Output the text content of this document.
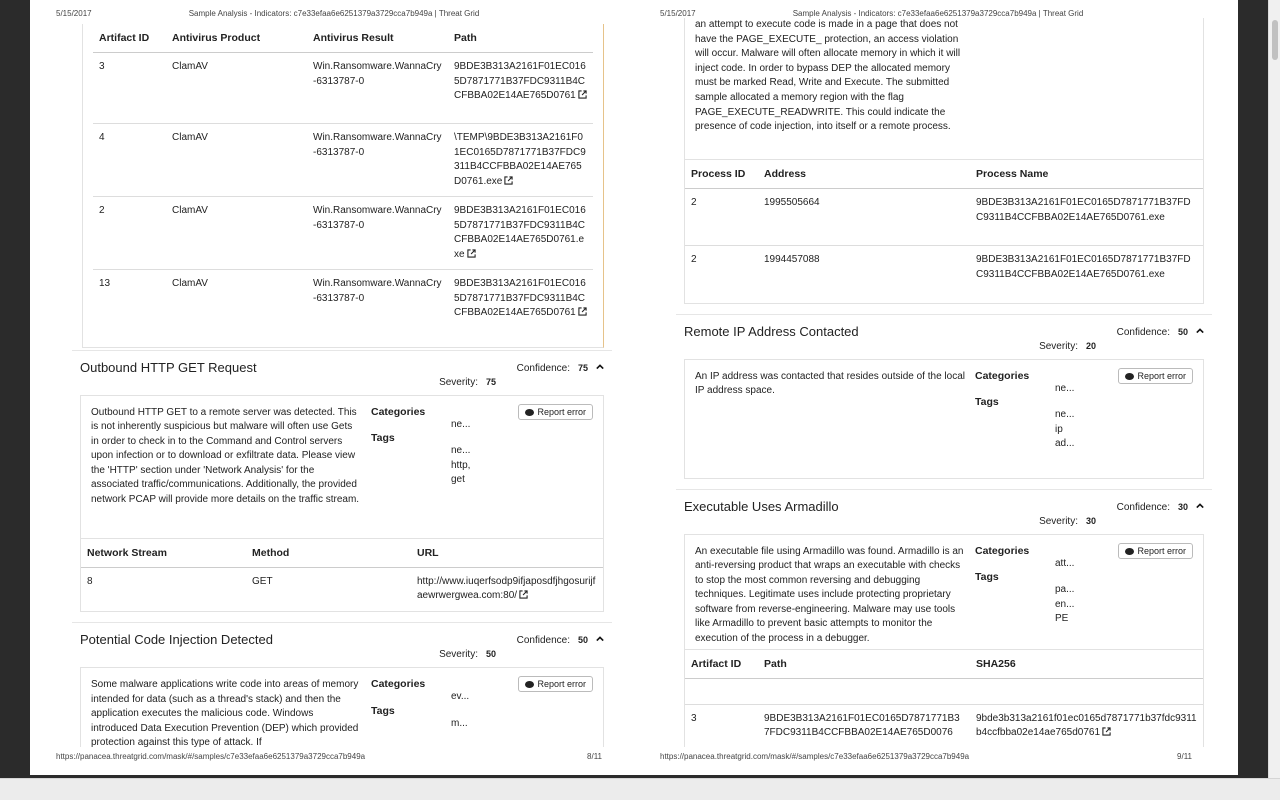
5/15/2017	Sample Analysis - Indicators: c7e33efaa6e6251379a3729cca7b949a | Threat Grid
Artifact ID	Antivirus Product	Antivirus Result	Path
3	ClamAV	Win.Ransomware.WannaCry-6313787-0	9BDE3B313A2161F01EC0165D7871771B37FDC9311B4CCFBBA02E14AE765D0761
4	ClamAV	Win.Ransomware.WannaCry-6313787-0	\TEMP\9BDE3B313A2161F01EC0165D7871771B37FDC9311B4CCFBBA02E14AE765D0761.exe
2	ClamAV	Win.Ransomware.WannaCry-6313787-0	9BDE3B313A2161F01EC0165D7871771B37FDC9311B4CCFBBA02E14AE765D0761.exe
13	ClamAV	Win.Ransomware.WannaCry-6313787-0	9BDE3B313A2161F01EC0165D7871771B37FDC9311B4CCFBBA02E14AE765D0761
Outbound HTTP GET Request	Confidence: 75
Severity: 75
Outbound HTTP GET to a remote server was detected. This is not inherently suspicious but malware will often use Gets in order to check in to the Command and Control servers upon infection or to download or exfiltrate data. Please view the 'HTTP' section under 'Network Analysis' for the associated traffic/communications. Additionally, the provided network PCAP will provide more details on the traffic stream.
Categories
ne...
Tags
ne...
http,
get
Report error
Network Stream	Method	URL
8	GET	http://www.iuqerfsodp9ifjaposdfjhgosurijfaewrwergwea.com:80/
Potential Code Injection Detected	Confidence: 50
Severity: 50
Some malware applications write code into areas of memory intended for data (such as a thread's stack) and then the application executes the malicious code. Windows introduced Data Execution Prevention (DEP) which provided protection against this type of attack. If
Categories
ev...
Tags
m...
Report error
https://panacea.threatgrid.com/mask/#/samples/c7e33efaa6e6251379a3729cca7b949a	8/11
5/15/2017	Sample Analysis - Indicators: c7e33efaa6e6251379a3729cca7b949a | Threat Grid
an attempt to execute code is made in a page that does not have the PAGE_EXECUTE_ protection, an access violation will occur. Malware will often allocate memory in which it will inject code. In order to bypass DEP the allocated memory must be marked Read, Write and Execute. The submitted sample allocated a memory region with the flag PAGE_EXECUTE_READWRITE. This could indicate the presence of code injection, into itself or a remote process.
Process ID	Address	Process Name
2	1995505664	9BDE3B313A2161F01EC0165D7871771B37FDC9311B4CCFBBA02E14AE765D0761.exe
2	1994457088	9BDE3B313A2161F01EC0165D7871771B37FDC9311B4CCFBBA02E14AE765D0761.exe
Remote IP Address Contacted	Confidence: 50
Severity: 20
An IP address was contacted that resides outside of the local IP address space.
Categories
ne...
Tags
ne...
ip
ad...
Report error
Executable Uses Armadillo	Confidence: 30
Severity: 30
An executable file using Armadillo was found. Armadillo is an anti-reversing product that wraps an executable with checks to stop the most common reversing and debugging techniques. Legitimate uses include protecting proprietary software from reverse-engineering. Malware may use tools like Armadillo to prevent basic attempts to monitor the execution of the process in a debugger.
Categories
att...
Tags
pa...
en...
PE
Report error
Artifact ID	Path	SHA256

3	9BDE3B313A2161F01EC0165D7871771B37FDC9311B4CCFBBA02E14AE765D0076	9bde3b313a2161f01ec0165d7871771b37fdc9311b4ccfbba02e14ae765d0761
https://panacea.threatgrid.com/mask/#/samples/c7e33efaa6e6251379a3729cca7b949a	9/11
